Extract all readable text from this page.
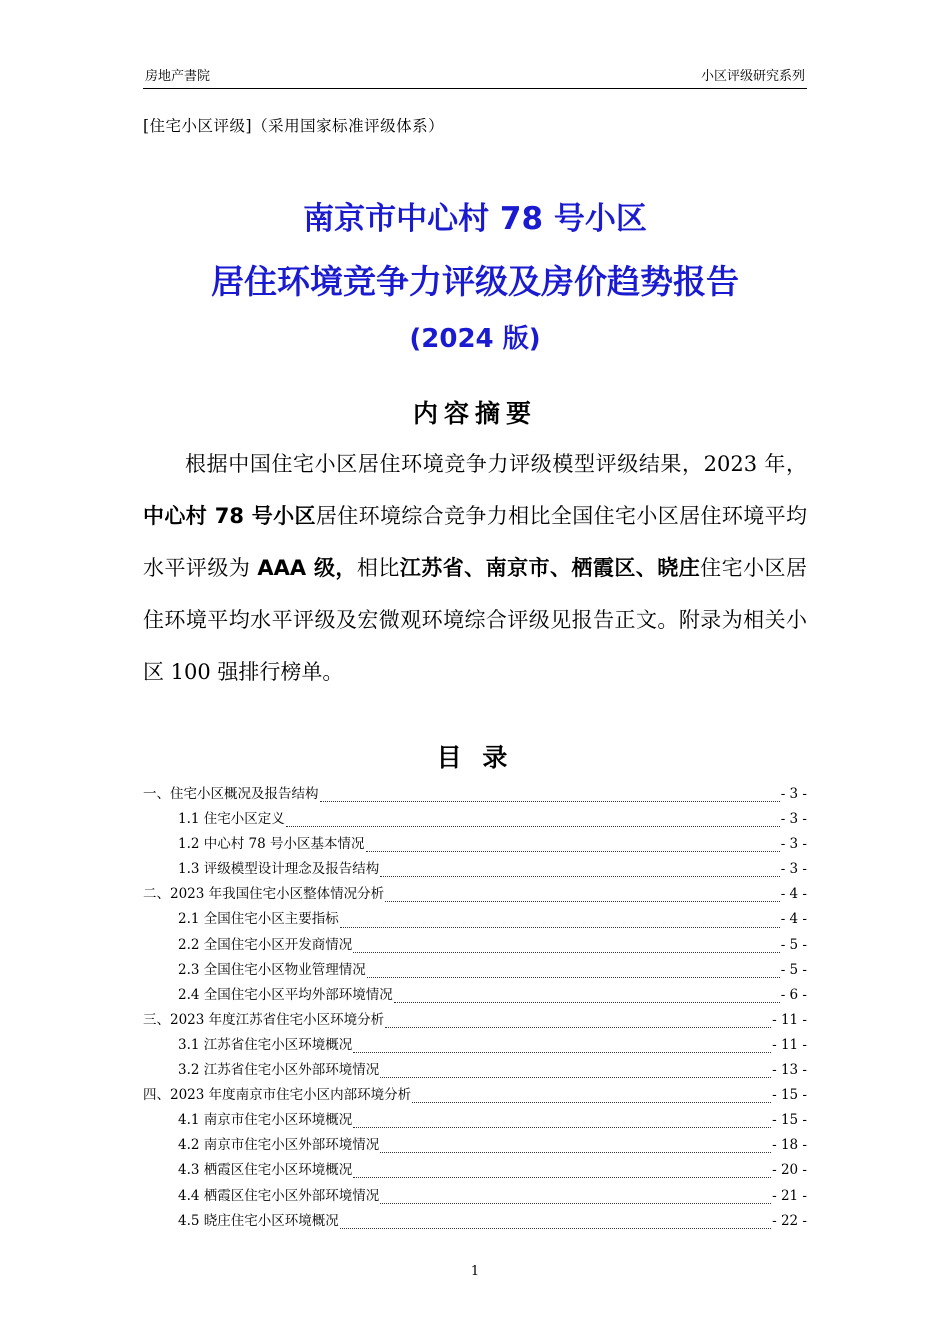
房地产書院	小区评级研究系列
[住宅小区评级]（采用国家标准评级体系）
南京市中心村 78 号小区
居住环境竞争力评级及房价趋势报告
(2024 版)
内容摘要

根据中国住宅小区居住环境竞争力评级模型评级结果，2023 年，中心村 78 号小区居住环境综合竞争力相比全国住宅小区居住环境平均水平评级为 AAA 级，相比江苏省、南京市、栖霞区、晓庄住宅小区居住环境平均水平评级及宏微观环境综合评级见报告正文。附录为相关小区 100 强排行榜单。

目 录
一、住宅小区概况及报告结构	- 3 -
1.1 住宅小区定义	- 3 -
1.2 中心村 78 号小区基本情况	- 3 -
1.3 评级模型设计理念及报告结构	- 3 -
二、2023 年我国住宅小区整体情况分析	- 4 -
2.1 全国住宅小区主要指标	- 4 -
2.2 全国住宅小区开发商情况	- 5 -
2.3 全国住宅小区物业管理情况	- 5 -
2.4 全国住宅小区平均外部环境情况	- 6 -
三、2023 年度江苏省住宅小区环境分析	- 11 -
3.1 江苏省住宅小区环境概况	- 11 -
3.2 江苏省住宅小区外部环境情况	- 13 -
四、2023 年度南京市住宅小区内部环境分析	- 15 -
4.1 南京市住宅小区环境概况	- 15 -
4.2 南京市住宅小区外部环境情况	- 18 -
4.3 栖霞区住宅小区环境概况	- 20 -
4.4 栖霞区住宅小区外部环境情况	- 21 -
4.5 晓庄住宅小区环境概况	- 22 -
1
